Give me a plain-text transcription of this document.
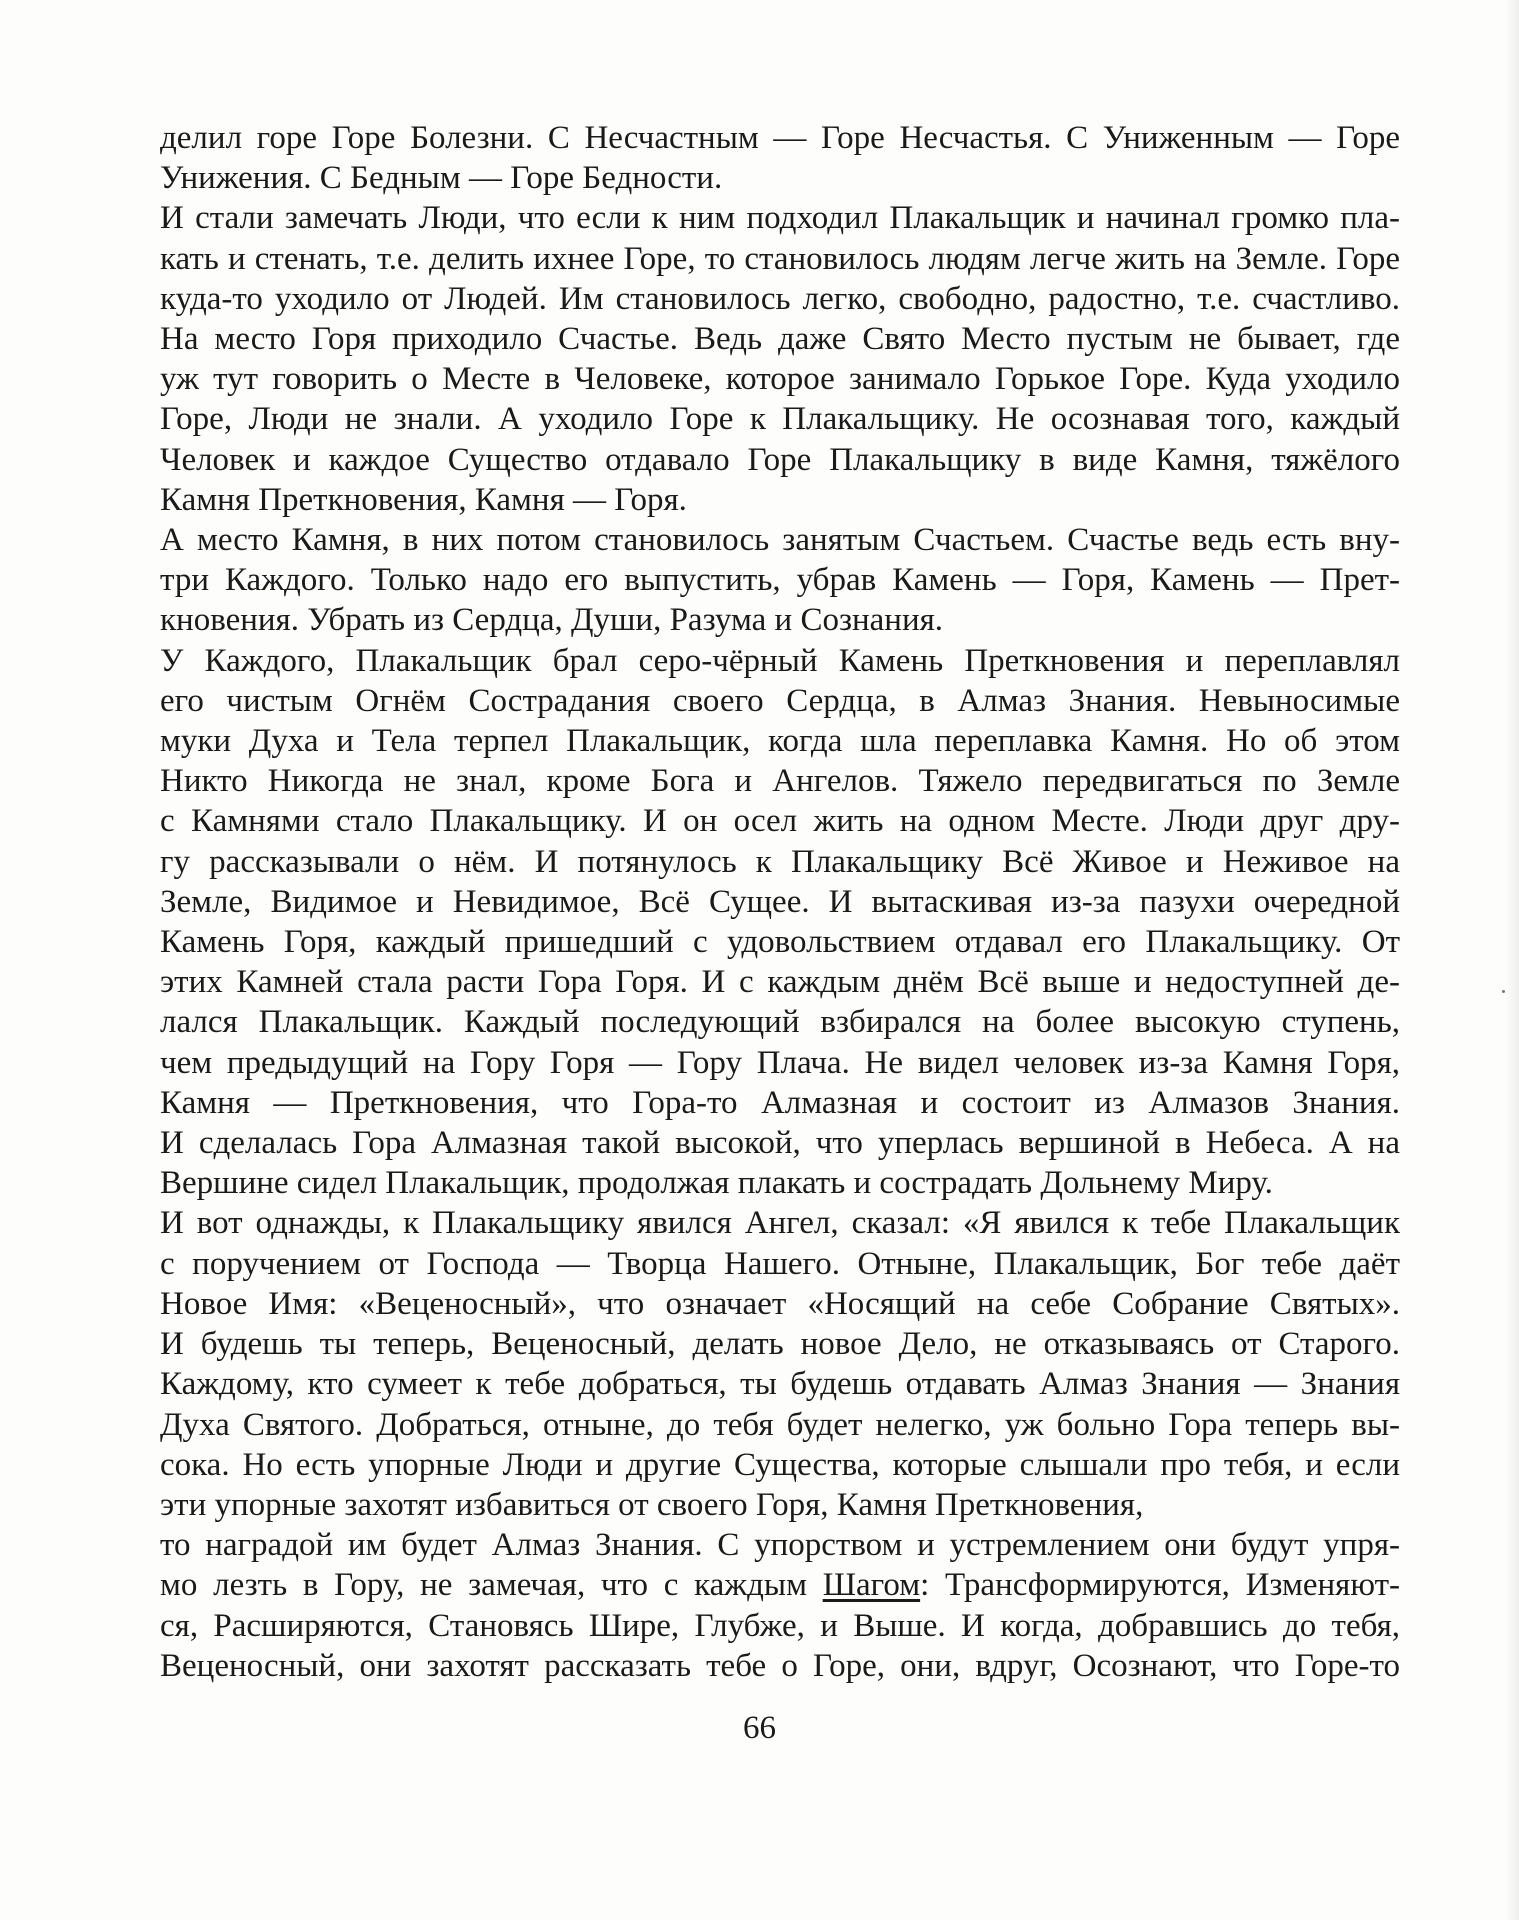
делил горе Горе Болезни. С Несчастным — Горе Несчастья. С Униженным — Горе
Унижения. С Бедным — Горе Бедности.
И стали замечать Люди, что если к ним подходил Плакальщик и начинал громко пла-
кать и стенать, т.е. делить ихнее Горе, то становилось людям легче жить на Земле. Горе
куда-то уходило от Людей. Им становилось легко, свободно, радостно, т.е. счастливо.
На место Горя приходило Счастье. Ведь даже Свято Место пустым не бывает, где
уж тут говорить о Месте в Человеке, которое занимало Горькое Горе. Куда уходило
Горе, Люди не знали. А уходило Горе к Плакальщику. Не осознавая того, каждый
Человек и каждое Существо отдавало Горе Плакальщику в виде Камня, тяжёлого
Камня Преткновения, Камня — Горя.
А место Камня, в них потом становилось занятым Счастьем. Счастье ведь есть вну-
три Каждого. Только надо его выпустить, убрав Камень — Горя, Камень — Прет-
кновения. Убрать из Сердца, Души, Разума и Сознания.
У Каждого, Плакальщик брал серо-чёрный Камень Преткновения и переплавлял
его чистым Огнём Сострадания своего Сердца, в Алмаз Знания. Невыносимые
муки Духа и Тела терпел Плакальщик, когда шла переплавка Камня. Но об этом
Никто Никогда не знал, кроме Бога и Ангелов. Тяжело передвигаться по Земле
с Камнями стало Плакальщику. И он осел жить на одном Месте. Люди друг дру-
гу рассказывали о нём. И потянулось к Плакальщику Всё Живое и Неживое на
Земле, Видимое и Невидимое, Всё Сущее. И вытаскивая из-за пазухи очередной
Камень Горя, каждый пришедший с удовольствием отдавал его Плакальщику. От
этих Камней стала расти Гора Горя. И с каждым днём Всё выше и недоступней де-
лался Плакальщик. Каждый последующий взбирался на более высокую ступень,
чем предыдущий на Гору Горя — Гору Плача. Не видел человек из-за Камня Горя,
Камня — Преткновения, что Гора-то Алмазная и состоит из Алмазов Знания.
И сделалась Гора Алмазная такой высокой, что уперлась вершиной в Небеса. А на
Вершине сидел Плакальщик, продолжая плакать и сострадать Дольнему Миру.
И вот однажды, к Плакальщику явился Ангел, сказал: «Я явился к тебе Плакальщик
с поручением от Господа — Творца Нашего. Отныне, Плакальщик, Бог тебе даёт
Новое Имя: «Веценосный», что означает «Носящий на себе Собрание Святых».
И будешь ты теперь, Веценосный, делать новое Дело, не отказываясь от Старого.
Каждому, кто сумеет к тебе добраться, ты будешь отдавать Алмаз Знания — Знания
Духа Святого. Добраться, отныне, до тебя будет нелегко, уж больно Гора теперь вы-
сока. Но есть упорные Люди и другие Существа, которые слышали про тебя, и если
эти упорные захотят избавиться от своего Горя, Камня Преткновения,
то наградой им будет Алмаз Знания. С упорством и устремлением они будут упря-
мо лезть в Гору, не замечая, что с каждым Шагом: Трансформируются, Изменяют-
ся, Расширяются, Становясь Шире, Глубже, и Выше. И когда, добравшись до тебя,
Веценосный, они захотят рассказать тебе о Горе, они, вдруг, Осознают, что Горе-то
66
